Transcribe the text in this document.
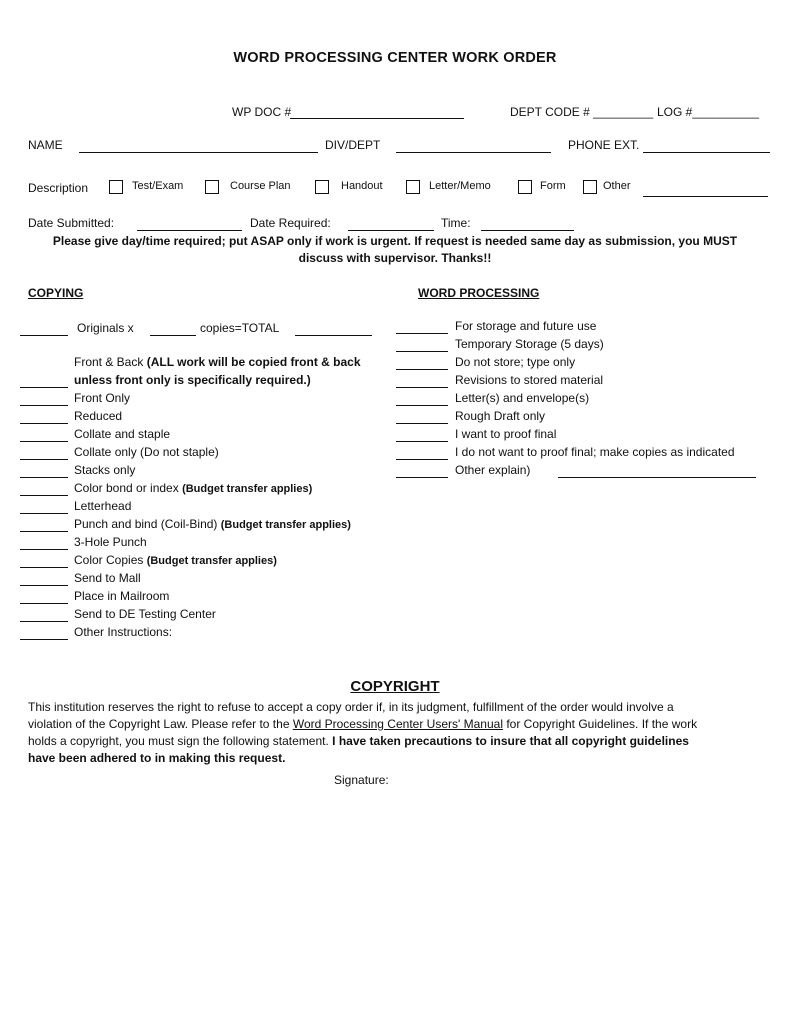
WORD PROCESSING CENTER WORK ORDER
WP DOC #	DEPT CODE # _________ LOG #__________
NAME	DIV/DEPT	PHONE EXT.
Description	Test/Exam	Course Plan	Handout	Letter/Memo	Form	Other
Date Submitted:	Date Required:	Time:
Please give day/time required; put ASAP only if work is urgent. If request is needed same day as submission, you MUST
discuss with supervisor. Thanks!!
COPYING	WORD PROCESSING
Originals x	copies=TOTAL
Front & Back (ALL work will be copied front & back
unless front only is specifically required.)
Front Only
Reduced
Collate and staple
Collate only (Do not staple)
Stacks only
Color bond or index (Budget transfer applies)
Letterhead
Punch and bind (Coil-Bind) (Budget transfer applies)
3-Hole Punch
Color Copies (Budget transfer applies)
Send to Mall
Place in Mailroom
Send to DE Testing Center
Other Instructions:
For storage and future use
Temporary Storage (5 days)
Do not store; type only
Revisions to stored material
Letter(s) and envelope(s)
Rough Draft only
I want to proof final
I do not want to proof final; make copies as indicated
Other explain)
COPYRIGHT
This institution reserves the right to refuse to accept a copy order if, in its judgment, fulfillment of the order would involve a
violation of the Copyright Law. Please refer to the Word Processing Center Users' Manual for Copyright Guidelines. If the work
holds a copyright, you must sign the following statement. I have taken precautions to insure that all copyright guidelines
have been adhered to in making this request.
Signature:
